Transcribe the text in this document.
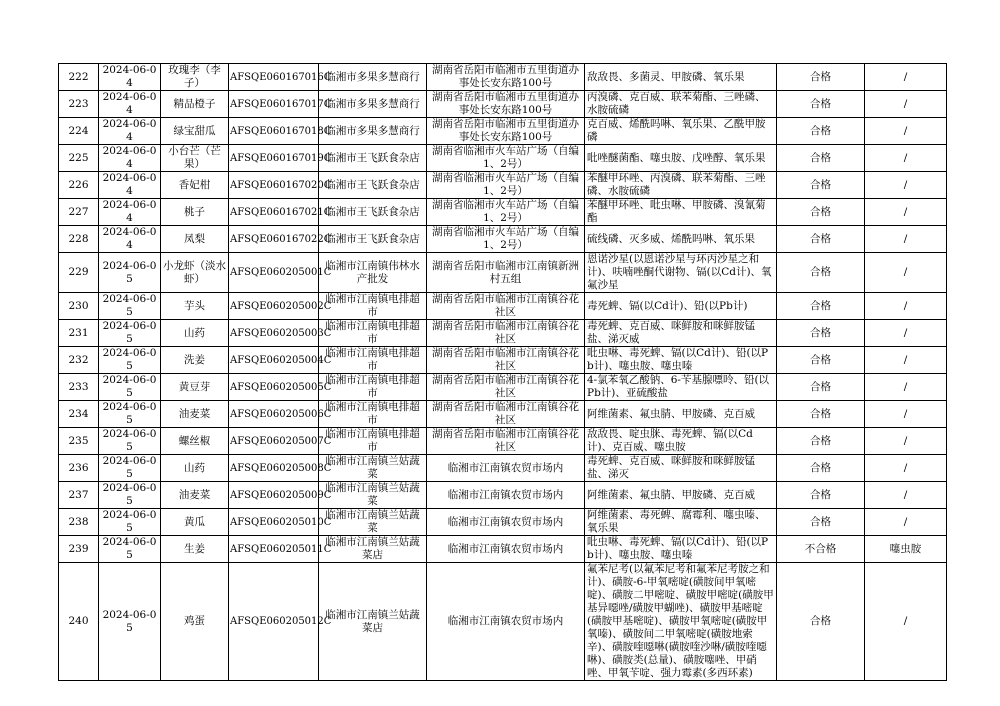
222	2024-06-04	玫瑰李（李子）	AFSQE060167016C	临湘市多果多慧商行	湖南省岳阳市临湘市五里街道办事处长安东路100号	敌敌畏、多菌灵、甲胺磷、氧乐果	合格	/
223	2024-06-04	精品橙子	AFSQE060167017C	临湘市多果多慧商行	湖南省岳阳市临湘市五里街道办事处长安东路100号	丙溴磷、克百威、联苯菊酯、三唑磷、水胺硫磷	合格	/
224	2024-06-04	绿宝甜瓜	AFSQE060167018C	临湘市多果多慧商行	湖南省岳阳市临湘市五里街道办事处长安东路100号	克百威、烯酰吗啉、氧乐果、乙酰甲胺磷	合格	/
225	2024-06-04	小台芒（芒果）	AFSQE060167019C	临湘市王飞跃食杂店	湖南省临湘市火车站广场（自编1、2号）	吡唑醚菌酯、噻虫胺、戊唑醇、氧乐果	合格	/
226	2024-06-04	香妃柑	AFSQE060167020C	临湘市王飞跃食杂店	湖南省临湘市火车站广场（自编1、2号）	苯醚甲环唑、丙溴磷、联苯菊酯、三唑磷、水胺硫磷	合格	/
227	2024-06-04	桃子	AFSQE060167021C	临湘市王飞跃食杂店	湖南省临湘市火车站广场（自编1、2号）	苯醚甲环唑、吡虫啉、甲胺磷、溴氰菊酯	合格	/
228	2024-06-04	凤梨	AFSQE060167022C	临湘市王飞跃食杂店	湖南省临湘市火车站广场（自编1、2号）	硫线磷、灭多威、烯酰吗啉、氧乐果	合格	/
229	2024-06-05	小龙虾（淡水虾）	AFSQE060205001C	临湘市江南镇伟林水产批发	湖南省岳阳市临湘市江南镇新洲村五组	恩诺沙星(以恩诺沙星与环丙沙星之和计)、呋喃唑酮代谢物、镉(以Cd计)、氧氟沙星	合格	/
230	2024-06-05	芋头	AFSQE060205002C	临湘市江南镇电排超市	湖南省岳阳市临湘市江南镇谷花社区	毒死蜱、镉(以Cd计)、铅(以Pb计)	合格	/
231	2024-06-05	山药	AFSQE060205003C	临湘市江南镇电排超市	湖南省岳阳市临湘市江南镇谷花社区	毒死蜱、克百威、咪鲜胺和咪鲜胺锰盐、涕灭威	合格	/
232	2024-06-05	洗姜	AFSQE060205004C	临湘市江南镇电排超市	湖南省岳阳市临湘市江南镇谷花社区	吡虫啉、毒死蜱、镉(以Cd计)、铅(以Pb计)、噻虫胺、噻虫嗪	合格	/
233	2024-06-05	黄豆芽	AFSQE060205005C	临湘市江南镇电排超市	湖南省岳阳市临湘市江南镇谷花社区	4-氯苯氧乙酸钠、6-苄基腺嘌呤、铅(以Pb计)、亚硫酸盐	合格	/
234	2024-06-05	油麦菜	AFSQE060205006C	临湘市江南镇电排超市	湖南省岳阳市临湘市江南镇谷花社区	阿维菌素、氟虫腈、甲胺磷、克百威	合格	/
235	2024-06-05	螺丝椒	AFSQE060205007C	临湘市江南镇电排超市	湖南省岳阳市临湘市江南镇谷花社区	敌敌畏、啶虫脒、毒死蜱、镉(以Cd计)、克百威、噻虫胺	合格	/
236	2024-06-05	山药	AFSQE060205008C	临湘市江南镇兰姑蔬菜	临湘市江南镇农贸市场内	毒死蜱、克百威、咪鲜胺和咪鲜胺锰盐、涕灭	合格	/
237	2024-06-05	油麦菜	AFSQE060205009C	临湘市江南镇兰姑蔬菜	临湘市江南镇农贸市场内	阿维菌素、氟虫腈、甲胺磷、克百威	合格	/
238	2024-06-05	黄瓜	AFSQE060205010C	临湘市江南镇兰姑蔬菜	临湘市江南镇农贸市场内	阿维菌素、毒死蜱、腐霉利、噻虫嗪、氧乐果	合格	/
239	2024-06-05	生姜	AFSQE060205011C	临湘市江南镇兰姑蔬菜店	临湘市江南镇农贸市场内	吡虫啉、毒死蜱、镉(以Cd计)、铅(以Pb计)、噻虫胺、噻虫嗪	不合格	噻虫胺
240	2024-06-05	鸡蛋	AFSQE060205012C	临湘市江南镇兰姑蔬菜店	临湘市江南镇农贸市场内	氟苯尼考(以氟苯尼考和氟苯尼考胺之和计)、磺胺-6-甲氧嘧啶(磺胺间甲氧嘧啶)、磺胺二甲嘧啶、磺胺甲嘧啶(磺胺甲基异噁唑/磺胺甲蝴唑)、磺胺甲基嘧啶(磺胺甲基嘧啶)、磺胺甲氧嘧啶(磺胺甲氧嗪)、磺胺间二甲氧嘧啶(磺胺地索辛)、磺胺喹噁啉(磺胺喹沙啉/磺胺喹噁啉)、磺胺类(总量)、磺胺噻唑、甲硝唑、甲氧苄啶、强力霉素(多西环素)	合格	/
